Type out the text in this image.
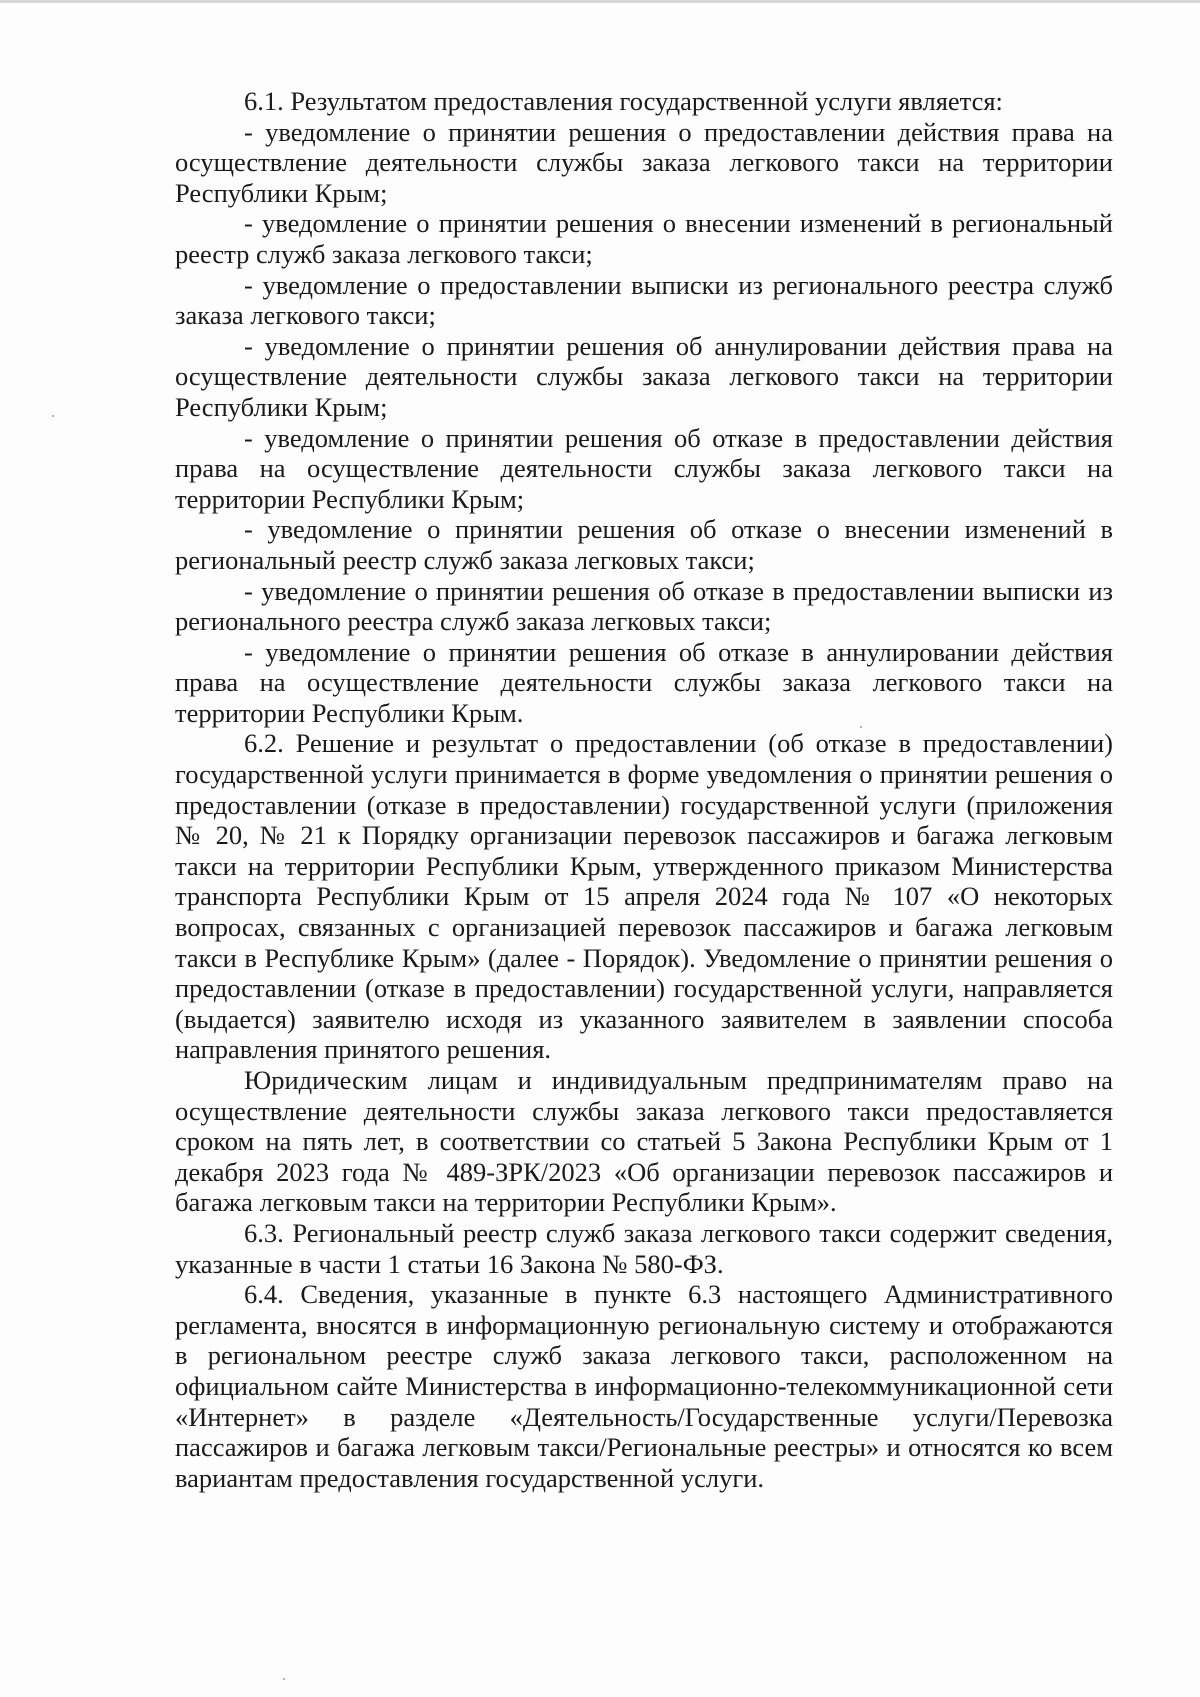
6.1. Результатом предоставления государственной услуги является:

- уведомление о принятии решения о предоставлении действия права на осуществление деятельности службы заказа легкового такси на территории Республики Крым;

- уведомление о принятии решения о внесении изменений в региональный реестр служб заказа легкового такси;

- уведомление о предоставлении выписки из регионального реестра служб заказа легкового такси;

- уведомление о принятии решения об аннулировании действия права на осуществление деятельности службы заказа легкового такси на территории Республики Крым;

- уведомление о принятии решения об отказе в предоставлении действия права на осуществление деятельности службы заказа легкового такси на территории Республики Крым;

- уведомление о принятии решения об отказе о внесении изменений в региональный реестр служб заказа легковых такси;

- уведомление о принятии решения об отказе в предоставлении выписки из регионального реестра служб заказа легковых такси;

- уведомление о принятии решения об отказе в аннулировании действия права на осуществление деятельности службы заказа легкового такси на территории Республики Крым.

6.2. Решение и результат о предоставлении (об отказе в предоставлении) государственной услуги принимается в форме уведомления о принятии решения о предоставлении (отказе в предоставлении) государственной услуги (приложения № 20, № 21 к Порядку организации перевозок пассажиров и багажа легковым такси на территории Республики Крым, утвержденного приказом Министерства транспорта Республики Крым от 15 апреля 2024 года № 107 «О некоторых вопросах, связанных с организацией перевозок пассажиров и багажа легковым такси в Республике Крым» (далее - Порядок). Уведомление о принятии решения о предоставлении (отказе в предоставлении) государственной услуги, направляется (выдается) заявителю исходя из указанного заявителем в заявлении способа направления принятого решения.

Юридическим лицам и индивидуальным предпринимателям право на осуществление деятельности службы заказа легкового такси предоставляется сроком на пять лет, в соответствии со статьей 5 Закона Республики Крым от 1 декабря 2023 года № 489-ЗРК/2023 «Об организации перевозок пассажиров и багажа легковым такси на территории Республики Крым».

6.3. Региональный реестр служб заказа легкового такси содержит сведения, указанные в части 1 статьи 16 Закона № 580-ФЗ.

6.4. Сведения, указанные в пункте 6.3 настоящего Административного регламента, вносятся в информационную региональную систему и отображаются в региональном реестре служб заказа легкового такси, расположенном на официальном сайте Министерства в информационно-телекоммуникационной сети «Интернет» в разделе «Деятельность/Государственные услуги/Перевозка пассажиров и багажа легковым такси/Региональные реестры» и относятся ко всем вариантам предоставления государственной услуги.
